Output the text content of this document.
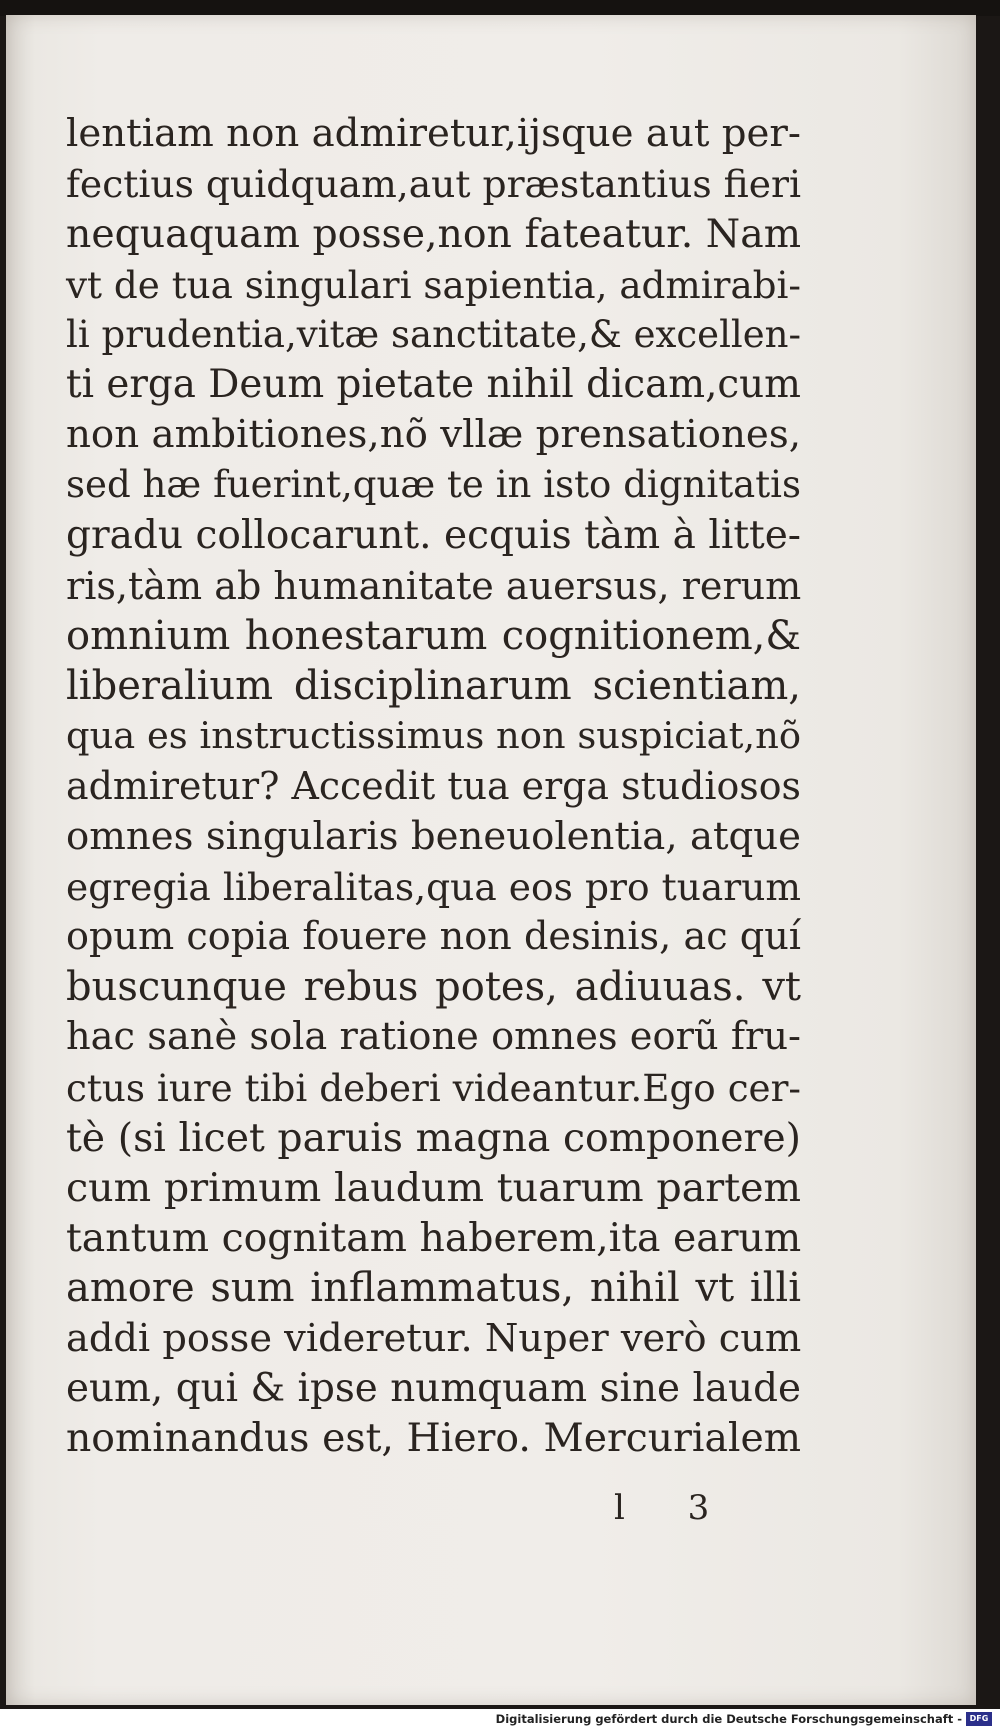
lentiam non admiretur,ijsque aut per-
fectius quidquam,aut præstantius fieri
nequaquam posse,non fateatur. Nam
vt de tua singulari sapientia, admirabi-
li prudentia,vitæ sanctitate,& excellen-
ti erga Deum pietate nihil dicam,cum
non ambitiones,nõ vllæ prensationes,
sed hæ fuerint,quæ te in isto dignitatis
gradu collocarunt. ecquis tàm à litte-
ris,tàm ab humanitate auersus, rerum
omnium honestarum cognitionem,&
liberalium disciplinarum scientiam,
qua es instructissimus non suspiciat,nõ
admiretur? Accedit tua erga studiosos
omnes singularis beneuolentia, atque
egregia liberalitas,qua eos pro tuarum
opum copia fouere non desinis, ac quí
buscunque rebus potes, adiuuas. vt
hac sanè sola ratione omnes eorũ fru-
ctus iure tibi deberi videantur.Ego cer-
tè (si licet paruis magna componere)
cum primum laudum tuarum partem
tantum cognitam haberem,ita earum
amore sum inflammatus, nihil vt illi
addi posse videretur. Nuper verò cum
eum, qui & ipse numquam sine laude
nominandus est, Hiero. Mercurialem
l 3
Digitalisierung gefördert durch die Deutsche Forschungsgemeinschaft - DFG
